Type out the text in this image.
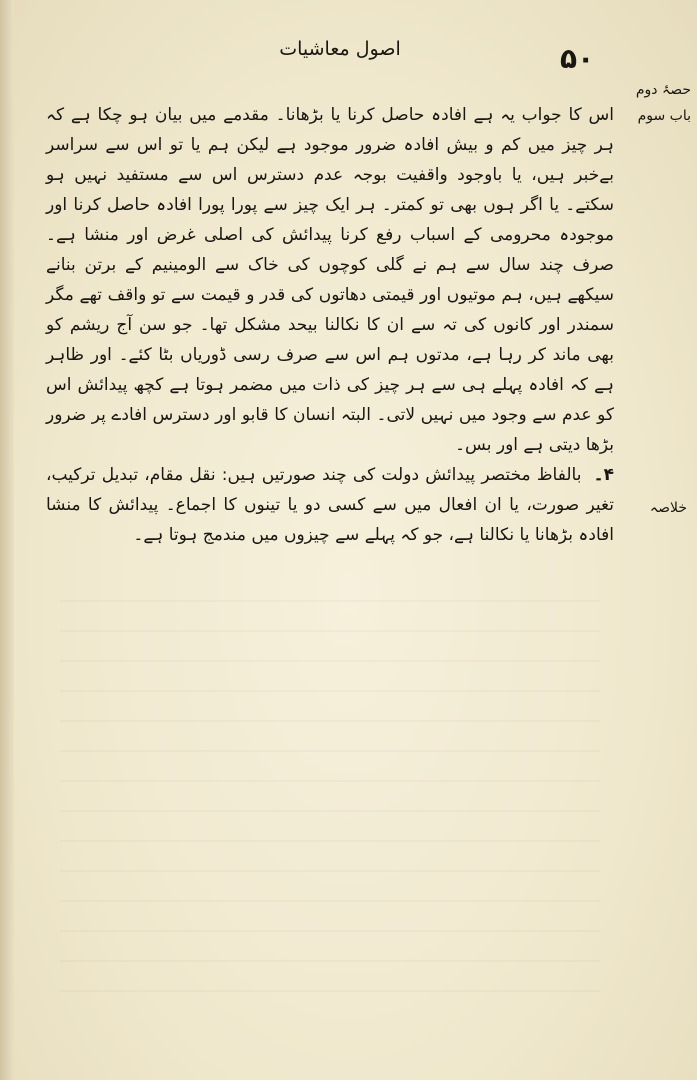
۵۰
اصول معاشیات
حصۂ دوم
باب سوم
خلاصہ

اس کا جواب یہ ہے افادہ حاصل کرنا یا بڑھانا۔ مقدمے میں بیان ہو چکا ہے کہ ہر چیز میں کم و بیش افادہ ضرور موجود ہے لیکن ہم یا تو اس سے سراسر بےخبر ہیں، یا باوجود واقفیت بوجہ عدم دسترس اس سے مستفید نہیں ہو سکتے۔ یا اگر ہوں بھی تو کمتر۔ ہر ایک چیز سے پورا پورا افادہ حاصل کرنا اور موجودہ محرومی کے اسباب رفع کرنا پیدائش کی اصلی غرض اور منشا ہے۔ صرف چند سال سے ہم نے گلی کوچوں کی خاک سے الومینیم کے برتن بنانے سیکھے ہیں، ہم موتیوں اور قیمتی دھاتوں کی قدر و قیمت سے تو واقف تھے مگر سمندر اور کانوں کی تہ سے ان کا نکالنا بیحد مشکل تھا۔ جو سن آج ریشم کو بھی ماند کر رہا ہے، مدتوں ہم اس سے صرف رسی ڈوریاں بٹا کئے۔ اور ظاہر ہے کہ افادہ پہلے ہی سے ہر چیز کی ذات میں مضمر ہوتا ہے کچھ پیدائش اس کو عدم سے وجود میں نہیں لاتی۔ البتہ انسان کا قابو اور دسترس افادے پر ضرور بڑھا دیتی ہے اور بس۔

۴۔ بالفاظ مختصر پیدائش دولت کی چند صورتیں ہیں: نقل مقام، تبدیل ترکیب، تغیر صورت، یا ان افعال میں سے کسی دو یا تینوں کا اجماع۔ پیدائش کا منشا افادہ بڑھانا یا نکالنا ہے، جو کہ پہلے سے چیزوں میں مندمج ہوتا ہے۔
